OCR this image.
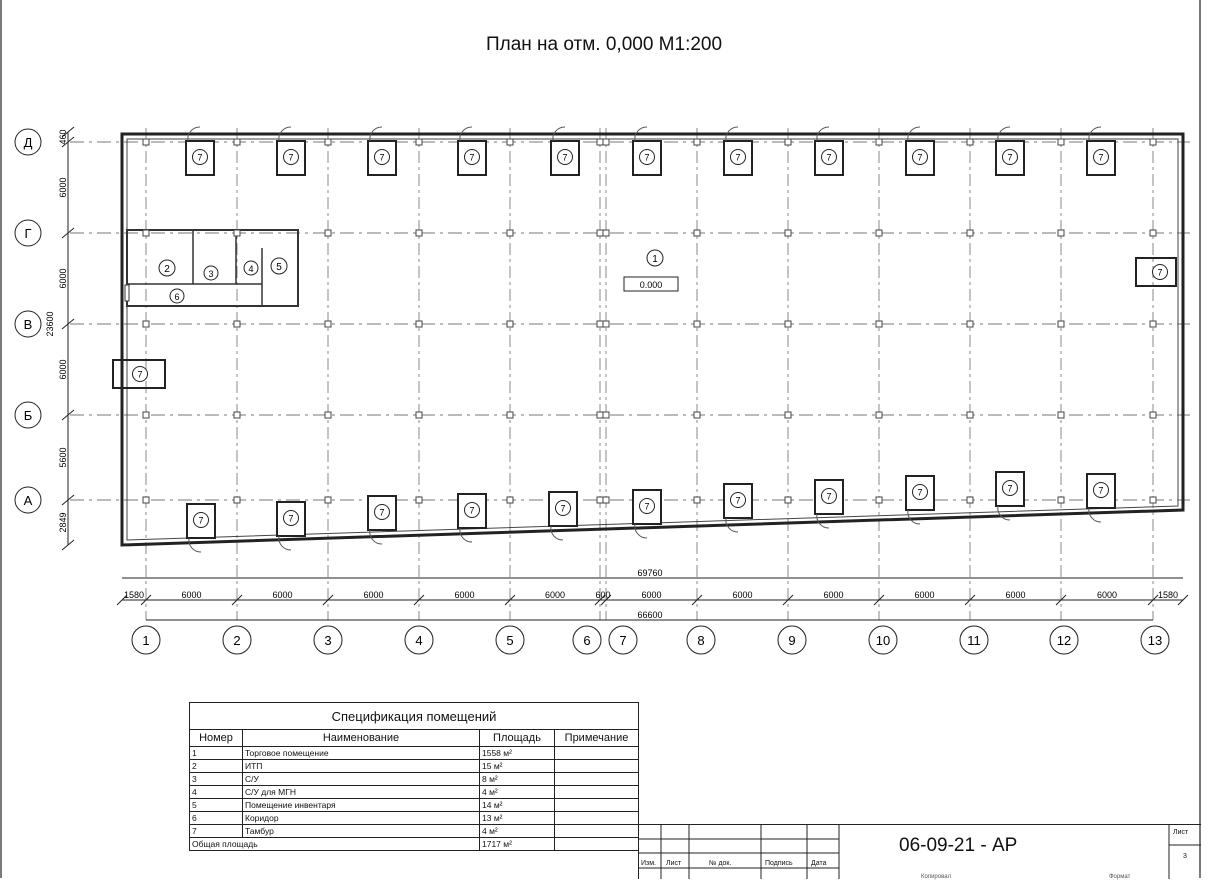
План на отм. 0,000 М1:200
7	7	7	7	7	7	7	7	7	7	7
7	7
7	7	7	7
7	7	7	7	7
7
7
Д
Г
В
Б
А
1	2	3	4	5	6 7	8	9	10	11	12	13
460
6000
6000
6000
5600
2849
23600
69760
1580	6000	6000	6000	6000	6000	600	6000	6000	6000	6000	6000	6000	1580
66600
1
0.000
2	3	4 5
6
Спецификация помещений			
Номер	Наименование	Площадь	Примечание
1	Торговое помещение	1558 м²	
2	ИТП	15 м²	
3	С/У	8 м²	
4	С/У для МГН	4 м²	
5	Помещение инвентаря	14 м²	
6	Коридор	13 м²	
7	Тамбур	4 м²	
Общая площадь		1717 м²		06-09-21 - АР
Лист
3
Изм. Лист	№ док.	Подпись	Дата
Копировал	Формат
